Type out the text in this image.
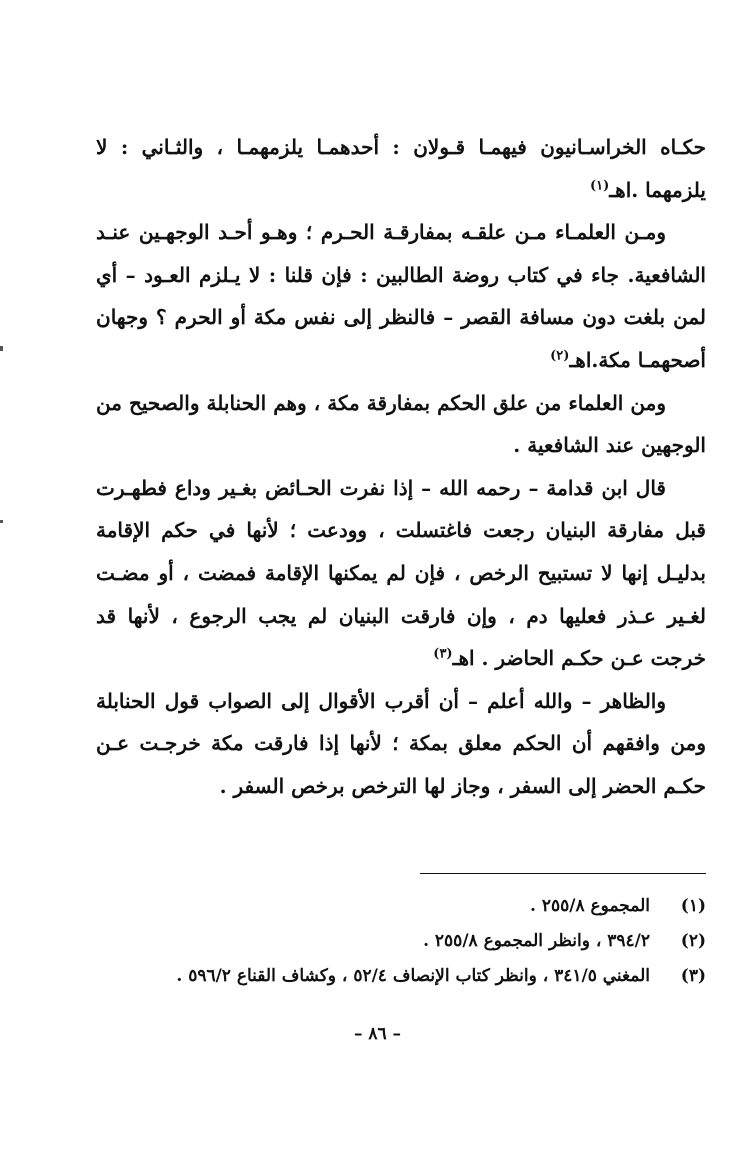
حكـاه الخراسـانيون فيهمـا قـولان : أحدهمـا يلزمهمـا ، والثـاني : لا يلزمهما .اهـ$^{(١)}$

ومـن العلمـاء مـن علقـه بمفارقـة الحـرم ؛ وهـو أحـد الوجهـين عنـد الشافعية. جاء في كتاب روضة الطالبين : فإن قلنا : لا يـلزم العـود – أي لمن بلغت دون مسافة القصر – فالنظر إلى نفس مكة أو الحرم ؟ وجهان أصحهمـا مكة.اهـ$^{(٢)}$

ومن العلماء من علق الحكم بمفارقة مكة ، وهم الحنابلة والصحيح من الوجهين عند الشافعية .

قال ابن قدامة – رحمه الله – إذا نفرت الحـائض بغـير وداع فطهـرت قبل مفارقة البنيان رجعت فاغتسلت ، وودعت ؛ لأنها في حكم الإقامة بدليـل إنها لا تستبيح الرخص ، فإن لم يمكنها الإقامة فمضت ، أو مضـت لغـير عـذر فعليها دم ، وإن فارقت البنيان لم يجب الرجوع ، لأنها قد خرجت عـن حكـم الحاضر . اهـ$^{(٣)}$

والظاهر – والله أعلم – أن أقرب الأقوال إلى الصواب قول الحنابلة ومن وافقهم أن الحكم معلق بمكة ؛ لأنها إذا فارقت مكة خرجـت عـن حكـم الحضر إلى السفر ، وجاز لها الترخص برخص السفر .

(١)المجموع ٢٥٥/٨ .
(٢)٣٩٤/٢ ، وانظر المجموع ٢٥٥/٨ .
(٣)المغني ٣٤١/٥ ، وانظر كتاب الإنصاف ٥٢/٤ ، وكشاف القناع ٥٩٦/٢ .
– ٨٦ –
